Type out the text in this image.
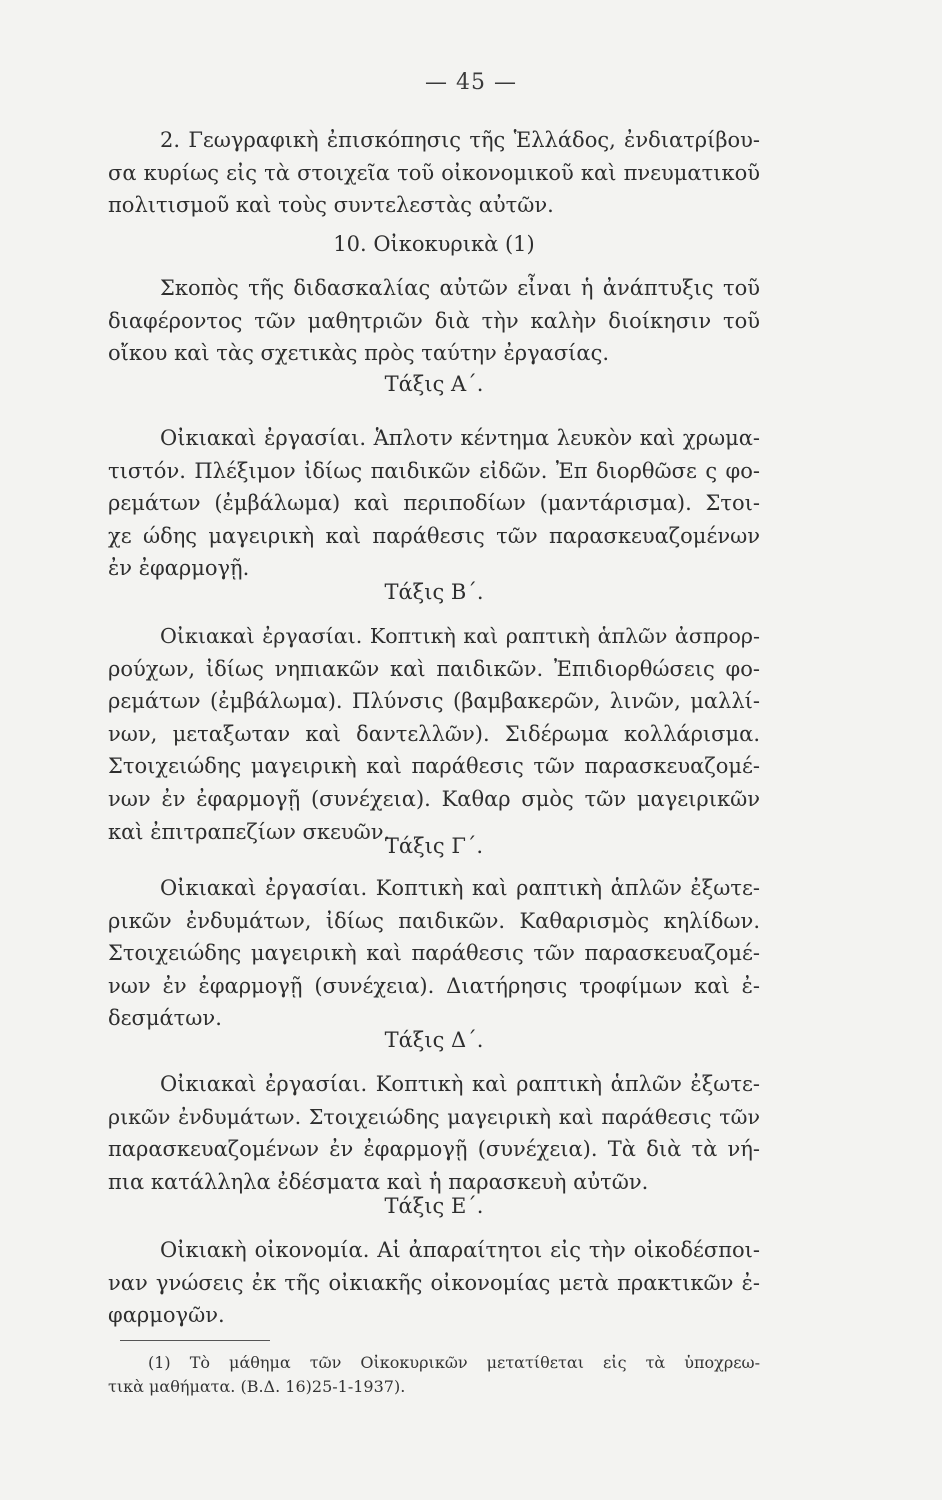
— 45 —

2. Γεωγραφικὴ ἐπισκόπησις τῆς Ἑλλάδος, ἐνδιατρίβου-
σα κυρίως εἰς τὰ στοιχεῖα τοῦ οἰκονομικοῦ καὶ πνευματικοῦ
πολιτισμοῦ καὶ τοὺς συντελεστὰς αὐτῶν.

10. Οἰκοκυρικὰ (1)

Σκοπὸς τῆς διδασκαλίας αὐτῶν εἶναι ἡ ἀνάπτυξις τοῦ
διαφέροντος τῶν μαθητριῶν διὰ τὴν καλὴν διοίκησιν τοῦ
οἴκου καὶ τὰς σχετικὰς πρὸς ταύτην ἐργασίας.

Τάξις Α΄.

Οἰκιακαὶ ἐργασίαι. Ἁπλοτν κέντημα λευκὸν καὶ χρωμα-
τιστόν. Πλέξιμον ἰδίως παιδικῶν εἰδῶν. Ἐπ διορθῶσε ς φο-
ρεμάτων (ἐμβάλωμα) καὶ περιποδίων (μαντάρισμα). Στοι-
χε ώδης μαγειρικὴ καὶ παράθεσις τῶν παρασκευαζομένων
ἐν ἐφαρμογῇ.

Τάξις Β΄.

Οἰκιακαὶ ἐργασίαι. Κοπτικὴ καὶ ραπτικὴ ἁπλῶν ἀσπρορ-
ρούχων, ἰδίως νηπιακῶν καὶ παιδικῶν. Ἐπιδιορθώσεις φο-
ρεμάτων (ἐμβάλωμα). Πλύνσις (βαμβακερῶν, λινῶν, μαλλί-
νων, μεταξωταν καὶ δαντελλῶν). Σιδέρωμα κολλάρισμα.
Στοιχειώδης μαγειρικὴ καὶ παράθεσις τῶν παρασκευαζομέ-
νων ἐν ἐφαρμογῇ (συνέχεια). Καθαρ σμὸς τῶν μαγειρικῶν
καὶ ἐπιτραπεζίων σκευῶν.

Τάξις Γ΄.

Οἰκιακαὶ ἐργασίαι. Κοπτικὴ καὶ ραπτικὴ ἁπλῶν ἐξωτε-
ρικῶν ἐνδυμάτων, ἰδίως παιδικῶν. Καθαρισμὸς κηλίδων.
Στοιχειώδης μαγειρικὴ καὶ παράθεσις τῶν παρασκευαζομέ-
νων ἐν ἐφαρμογῇ (συνέχεια). Διατήρησις τροφίμων καὶ ἐ-
δεσμάτων.

Τάξις Δ΄.

Οἰκιακαὶ ἐργασίαι. Κοπτικὴ καὶ ραπτικὴ ἁπλῶν ἐξωτε-
ρικῶν ἐνδυμάτων. Στοιχειώδης μαγειρικὴ καὶ παράθεσις τῶν
παρασκευαζομένων ἐν ἐφαρμογῇ (συνέχεια). Τὰ διὰ τὰ νή-
πια κατάλληλα ἐδέσματα καὶ ἡ παρασκευὴ αὐτῶν.

Τάξις Ε΄.

Οἰκιακὴ οἰκονομία. Αἱ ἀπαραίτητοι εἰς τὴν οἰκοδέσποι-
ναν γνώσεις ἐκ τῆς οἰκιακῆς οἰκονομίας μετὰ πρακτικῶν ἐ-
φαρμογῶν.

(1) Τὸ μάθημα τῶν Οἰκοκυρικῶν μετατίθεται εἰς τὰ ὑποχρεω-
τικὰ μαθήματα. (Β.Δ. 16)25-1-1937).
